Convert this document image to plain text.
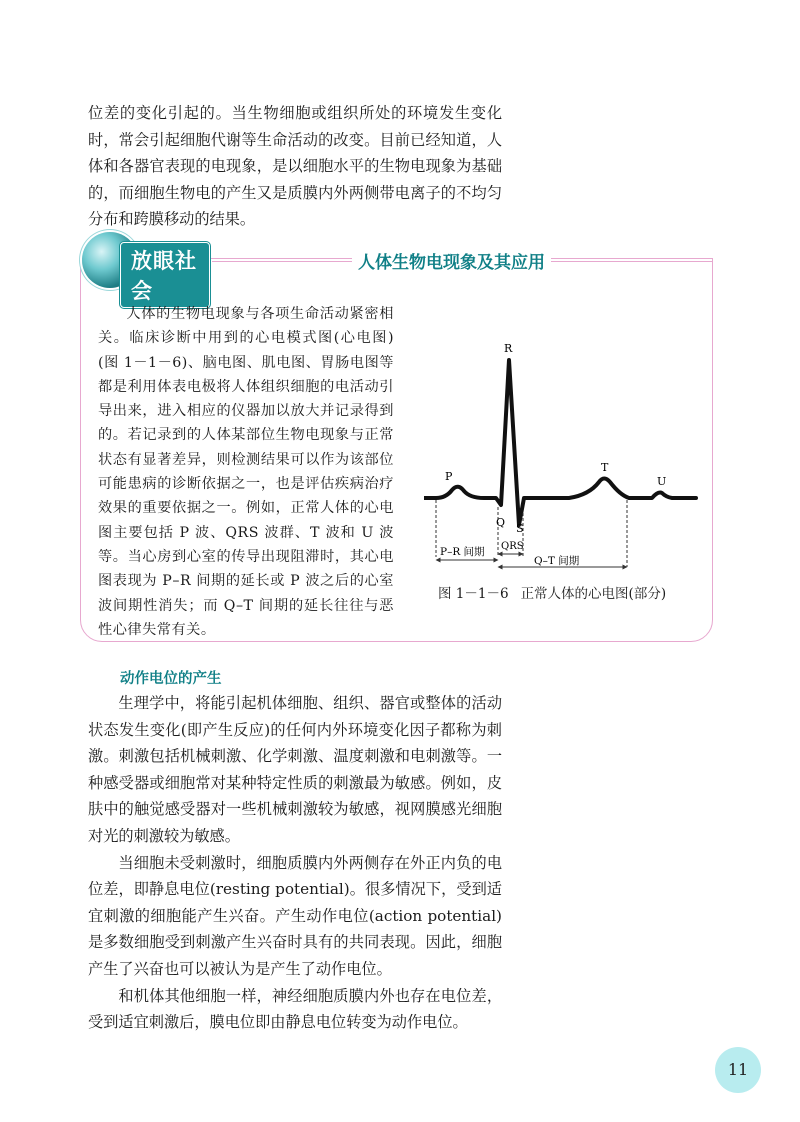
位差的变化引起的。当生物细胞或组织所处的环境发生变化时，常会引起细胞代谢等生命活动的改变。目前已经知道，人体和各器官表现的电现象，是以细胞水平的生物电现象为基础的，而细胞生物电的产生又是质膜内外两侧带电离子的不均匀分布和跨膜移动的结果。

放眼社会
人体生物电现象及其应用

人体的生物电现象与各项生命活动紧密相关。临床诊断中用到的心电模式图(心电图)(图 1－1－6)、脑电图、肌电图、胃肠电图等都是利用体表电极将人体组织细胞的电活动引导出来，进入相应的仪器加以放大并记录得到的。若记录到的人体某部位生物电现象与正常状态有显著差异，则检测结果可以作为该部位可能患病的诊断依据之一，也是评估疾病治疗效果的重要依据之一。例如，正常人体的心电图主要包括 P 波、QRS 波群、T 波和 U 波等。当心房到心室的传导出现阻滞时，其心电图表现为 P–R 间期的延长或 P 波之后的心室波间期性消失；而 Q–T 间期的延长往往与恶性心律失常有关。

R
P
T
U
Q S
P–R 间期 QRS
Q–T 间期
图 1－1－6 正常人体的心电图(部分)
动作电位的产生

生理学中，将能引起机体细胞、组织、器官或整体的活动状态发生变化(即产生反应)的任何内外环境变化因子都称为刺激。刺激包括机械刺激、化学刺激、温度刺激和电刺激等。一种感受器或细胞常对某种特定性质的刺激最为敏感。例如，皮肤中的触觉感受器对一些机械刺激较为敏感，视网膜感光细胞对光的刺激较为敏感。

当细胞未受刺激时，细胞质膜内外两侧存在外正内负的电位差，即静息电位(resting potential)。很多情况下，受到适宜刺激的细胞能产生兴奋。产生动作电位(action potential)是多数细胞受到刺激产生兴奋时具有的共同表现。因此，细胞产生了兴奋也可以被认为是产生了动作电位。

和机体其他细胞一样，神经细胞质膜内外也存在电位差，受到适宜刺激后，膜电位即由静息电位转变为动作电位。

11
